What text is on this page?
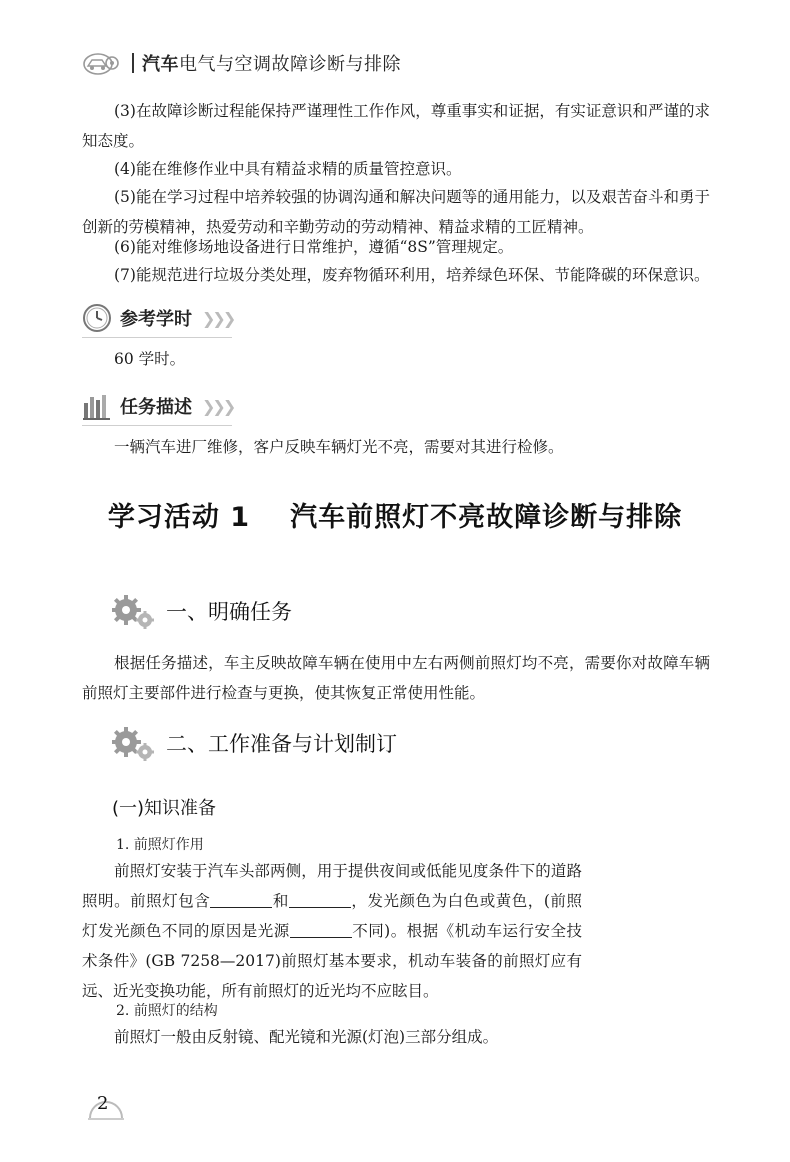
汽车电气与空调故障诊断与排除

(3)在故障诊断过程能保持严谨理性工作作风，尊重事实和证据，有实证意识和严谨的求知态度。

(4)能在维修作业中具有精益求精的质量管控意识。

(5)能在学习过程中培养较强的协调沟通和解决问题等的通用能力，以及艰苦奋斗和勇于创新的劳模精神，热爱劳动和辛勤劳动的劳动精神、精益求精的工匠精神。

(6)能对维修场地设备进行日常维护，遵循“8S”管理规定。

(7)能规范进行垃圾分类处理，废弃物循环利用，培养绿色环保、节能降碳的环保意识。

参考学时 ❯❯❯

60 学时。

任务描述 ❯❯❯

一辆汽车进厂维修，客户反映车辆灯光不亮，需要对其进行检修。

学习活动 1 汽车前照灯不亮故障诊断与排除
一、明确任务

根据任务描述，车主反映故障车辆在使用中左右两侧前照灯均不亮，需要你对故障车辆前照灯主要部件进行检查与更换，使其恢复正常使用性能。

二、工作准备与计划制订
(一)知识准备
1. 前照灯作用

前照灯安装于汽车头部两侧，用于提供夜间或低能见度条件下的道路照明。前照灯包含	和	，发光颜色为白色或黄色，(前照灯发光颜色不同的原因是光源	不同)。根据《机动车运行安全技术条件》(GB 7258—2017)前照灯基本要求，机动车装备的前照灯应有远、近光变换功能，所有前照灯的近光均不应眩目。

2. 前照灯的结构

前照灯一般由反射镜、配光镜和光源(灯泡)三部分组成。

2
